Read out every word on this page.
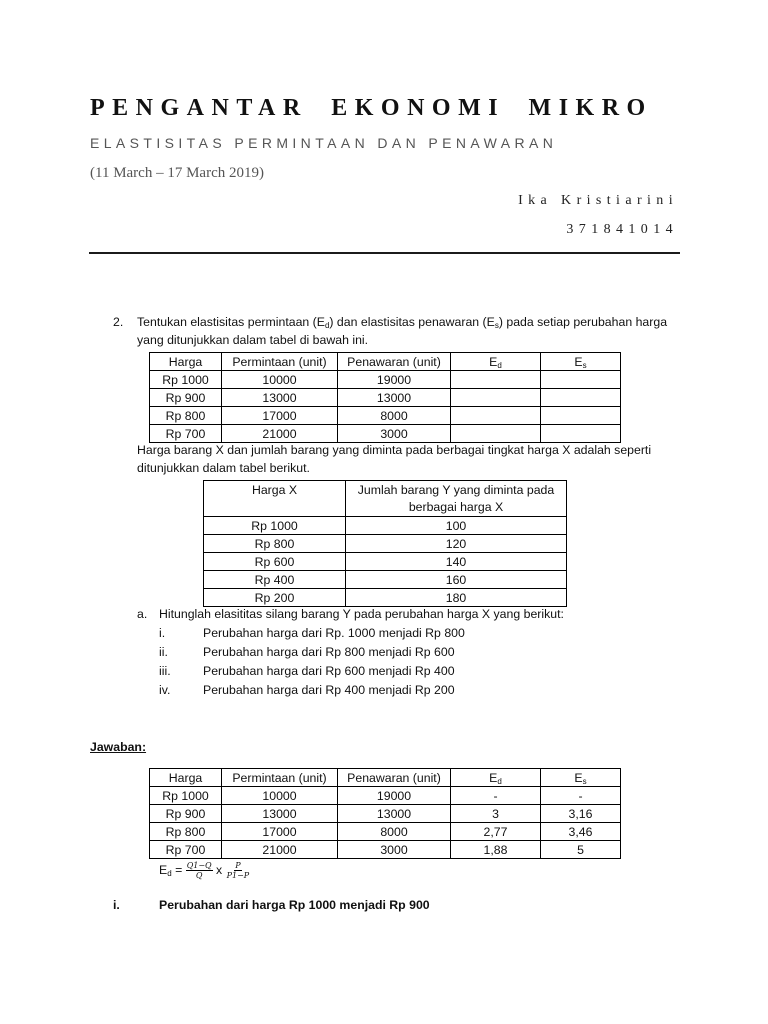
PENGANTAR EKONOMI MIKRO
ELASTISITAS PERMINTAAN DAN PENAWARAN
(11 March – 17 March 2019)
Ika Kristiarini
371841014
2. Tentukan elastisitas permintaan $(E_d)$ dan elastisitas penawaran $(E_s)$ pada setiap perubahan harga
yang ditunjukkan dalam tabel di bawah ini.
Harga	Permintaan (unit)	Penawaran (unit)	$E_d$	$E_s$
Rp 1000	10000	19000		
Rp 900	13000	13000		
Rp 800	17000	8000		
Rp 700	21000	3000		
Harga barang X dan jumlah barang yang diminta pada berbagai tingkat harga X adalah seperti
ditunjukkan dalam tabel berikut.
Harga X	Jumlah barang Y yang diminta pada berbagai harga X
Rp 1000	100
Rp 800	120
Rp 600	140
Rp 400	160
Rp 200	180
a. Hitunglah elasititas silang barang Y pada perubahan harga X yang berikut:
i.	Perubahan harga dari Rp. 1000 menjadi Rp 800
ii.	Perubahan harga dari Rp 800 menjadi Rp 600
iii.	Perubahan harga dari Rp 600 menjadi Rp 400
iv.	Perubahan harga dari Rp 400 menjadi Rp 200
Jawaban:
Harga	Permintaan (unit)	Penawaran (unit)	$E_d$	$E_s$
Rp 1000	10000	19000	-	-
Rp 900	13000	13000	3	3,16
Rp 800	17000	8000	2,77	3,46
Rp 700	21000	3000	1,88	5
$E_d = \frac{Q1-Q}{Q}$ x $\frac{P}{P1-P}$
i.	Perubahan dari harga Rp 1000 menjadi Rp 900
